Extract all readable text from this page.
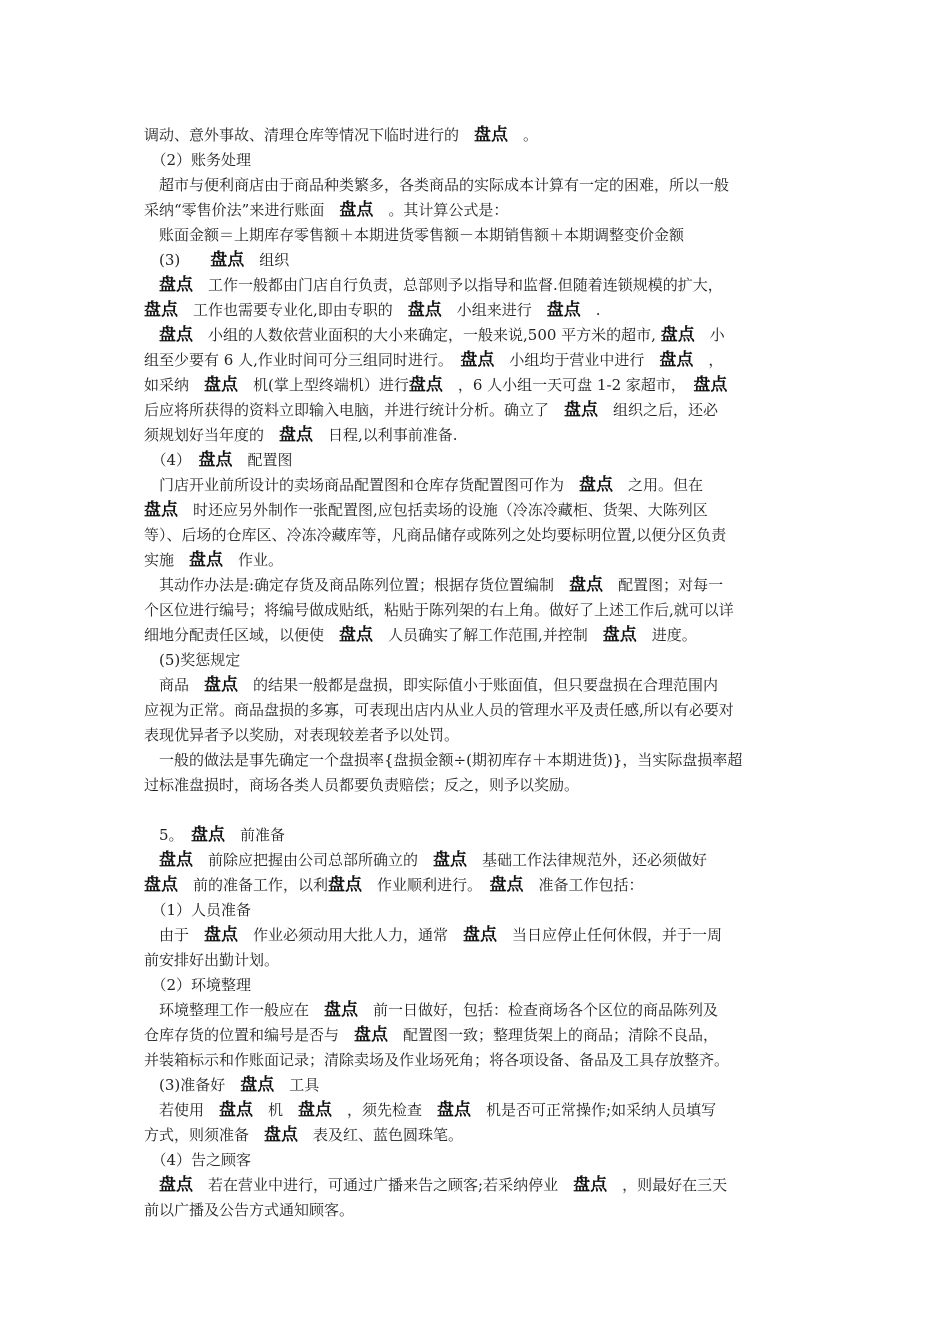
调动、意外事故、清理仓库等情况下临时进行的　盘点　。
　（2）账务处理
　超市与便利商店由于商品种类繁多，各类商品的实际成本计算有一定的困难，所以一般
采纳“零售价法”来进行账面　盘点　。其计算公式是：
　账面金额＝上期库存零售额＋本期进货零售额－本期销售额＋本期调整变价金额
　(3)　　盘点　组织
　盘点　工作一般都由门店自行负责，总部则予以指导和监督.但随着连锁规模的扩大，
盘点　工作也需要专业化,即由专职的　盘点　小组来进行　盘点　.
　盘点　小组的人数依营业面积的大小来确定，一般来说,500 平方米的超市, 盘点　小
组至少要有 6 人,作业时间可分三组同时进行。　盘点　小组均于营业中进行　盘点　，
如采纳　盘点　机(掌上型终端机）进行盘点　，6 人小组一天可盘 1-2 家超市，　盘点
后应将所获得的资料立即输入电脑，并进行统计分析。确立了　盘点　组织之后，还必
须规划好当年度的　盘点　日程,以利事前准备.
　（4）　盘点　配置图
　门店开业前所设计的卖场商品配置图和仓库存货配置图可作为　盘点　之用。但在
盘点　时还应另外制作一张配置图,应包括卖场的设施（冷冻冷藏柜、货架、大陈列区
等）、后场的仓库区、冷冻冷藏库等，凡商品储存或陈列之处均要标明位置,以便分区负责
实施　盘点　作业。
　其动作办法是:确定存货及商品陈列位置；根据存货位置编制　盘点　配置图；对每一
个区位进行编号；将编号做成贴纸，粘贴于陈列架的右上角。做好了上述工作后,就可以详
细地分配责任区域，以便使　盘点　人员确实了解工作范围,并控制　盘点　进度。
　(5)奖惩规定
　商品　盘点　的结果一般都是盘损，即实际值小于账面值，但只要盘损在合理范围内
应视为正常。商品盘损的多寡，可表现出店内从业人员的管理水平及责任感,所以有必要对
表现优异者予以奖励，对表现较差者予以处罚。
　一般的做法是事先确定一个盘损率{盘损金额÷(期初库存＋本期进货)}，当实际盘损率超
过标准盘损时，商场各类人员都要负责赔偿；反之，则予以奖励。
　5。　盘点　前准备
　盘点　前除应把握由公司总部所确立的　盘点　基础工作法律规范外，还必须做好
盘点　前的准备工作，以利盘点　作业顺利进行。　盘点　准备工作包括：
　（1）人员准备
　由于　盘点　作业必须动用大批人力，通常　盘点　当日应停止任何休假，并于一周
前安排好出勤计划。
　（2）环境整理
　环境整理工作一般应在　盘点　前一日做好，包括：检查商场各个区位的商品陈列及
仓库存货的位置和编号是否与　盘点　配置图一致；整理货架上的商品；清除不良品，
并装箱标示和作账面记录；清除卖场及作业场死角；将各项设备、备品及工具存放整齐。
　(3)准备好　盘点　工具
　若使用　盘点　机　盘点　，须先检查　盘点　机是否可正常操作;如采纳人员填写
方式，则须准备　盘点　表及红、蓝色圆珠笔。
　（4）告之顾客
　盘点　若在营业中进行，可通过广播来告之顾客;若采纳停业　盘点　，则最好在三天
前以广播及公告方式通知顾客。
